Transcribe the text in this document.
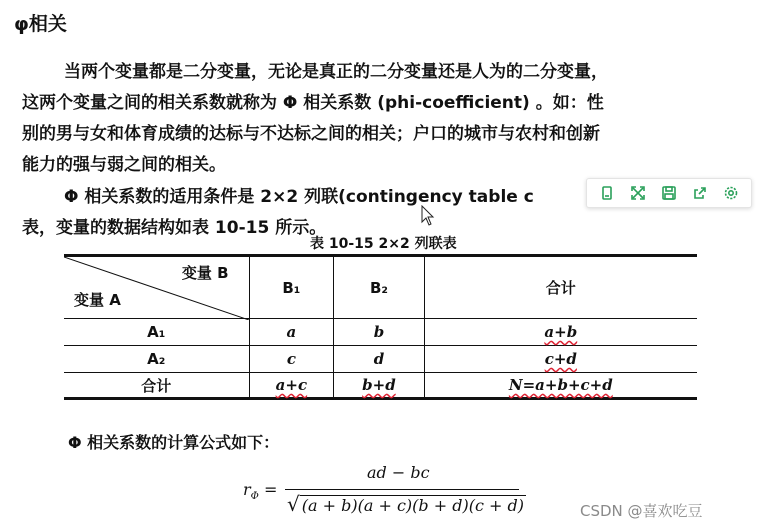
φ相关
当两个变量都是二分变量，无论是真正的二分变量还是人为的二分变量，
这两个变量之间的相关系数就称为 Φ 相关系数 (phi-coefficient) 。如：性
别的男与女和体育成绩的达标与不达标之间的相关；户口的城市与农村和创新
能力的强与弱之间的相关。
Φ 相关系数的适用条件是 2×2 列联(contingency table c
表，变量的数据结构如表 10-15 所示。
表 10-15 2×2 列联表
变量 B
变量 A	B₁	B₂	合计
A₁	a	b	a+b
A₂	c	d	c+d
合计	a+c	b+d	N=a+b+c+d
Φ 相关系数的计算公式如下：
$r_\Phi$ =
ad − bc
√ (a + b)(a + c)(b + d)(c + d)	CSDN @喜欢吃豆
